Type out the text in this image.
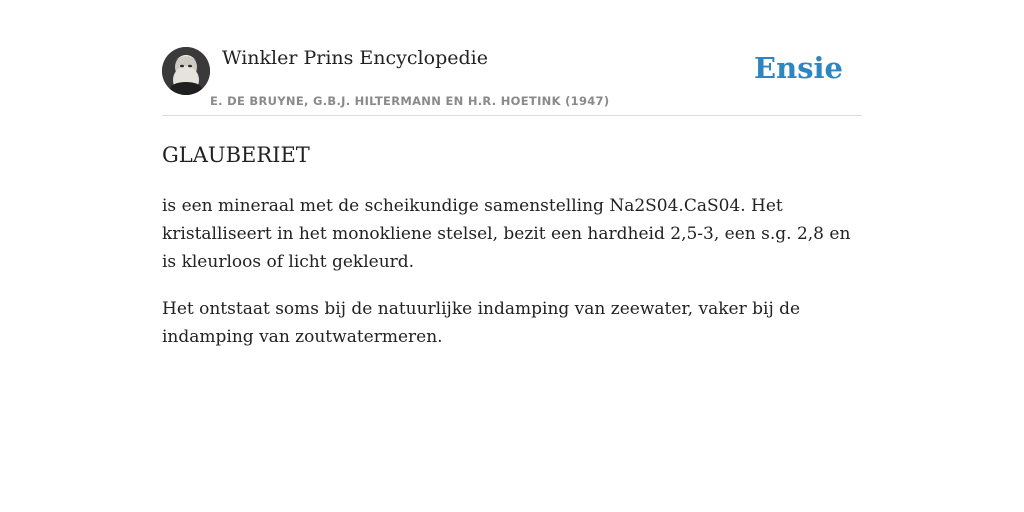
Winkler Prins Encyclopedie
E. DE BRUYNE, G.B.J. HILTERMANN EN H.R. HOETINK (1947)
Ensie
GLAUBERIET

is een mineraal met de scheikundige samenstelling Na2S04.CaS04. Het kristalliseert in het monokliene stelsel, bezit een hardheid 2,5-3, een s.g. 2,8 en is kleurloos of licht gekleurd.

Het ontstaat soms bij de natuurlijke indamping van zeewater, vaker bij de indamping van zoutwatermeren.
